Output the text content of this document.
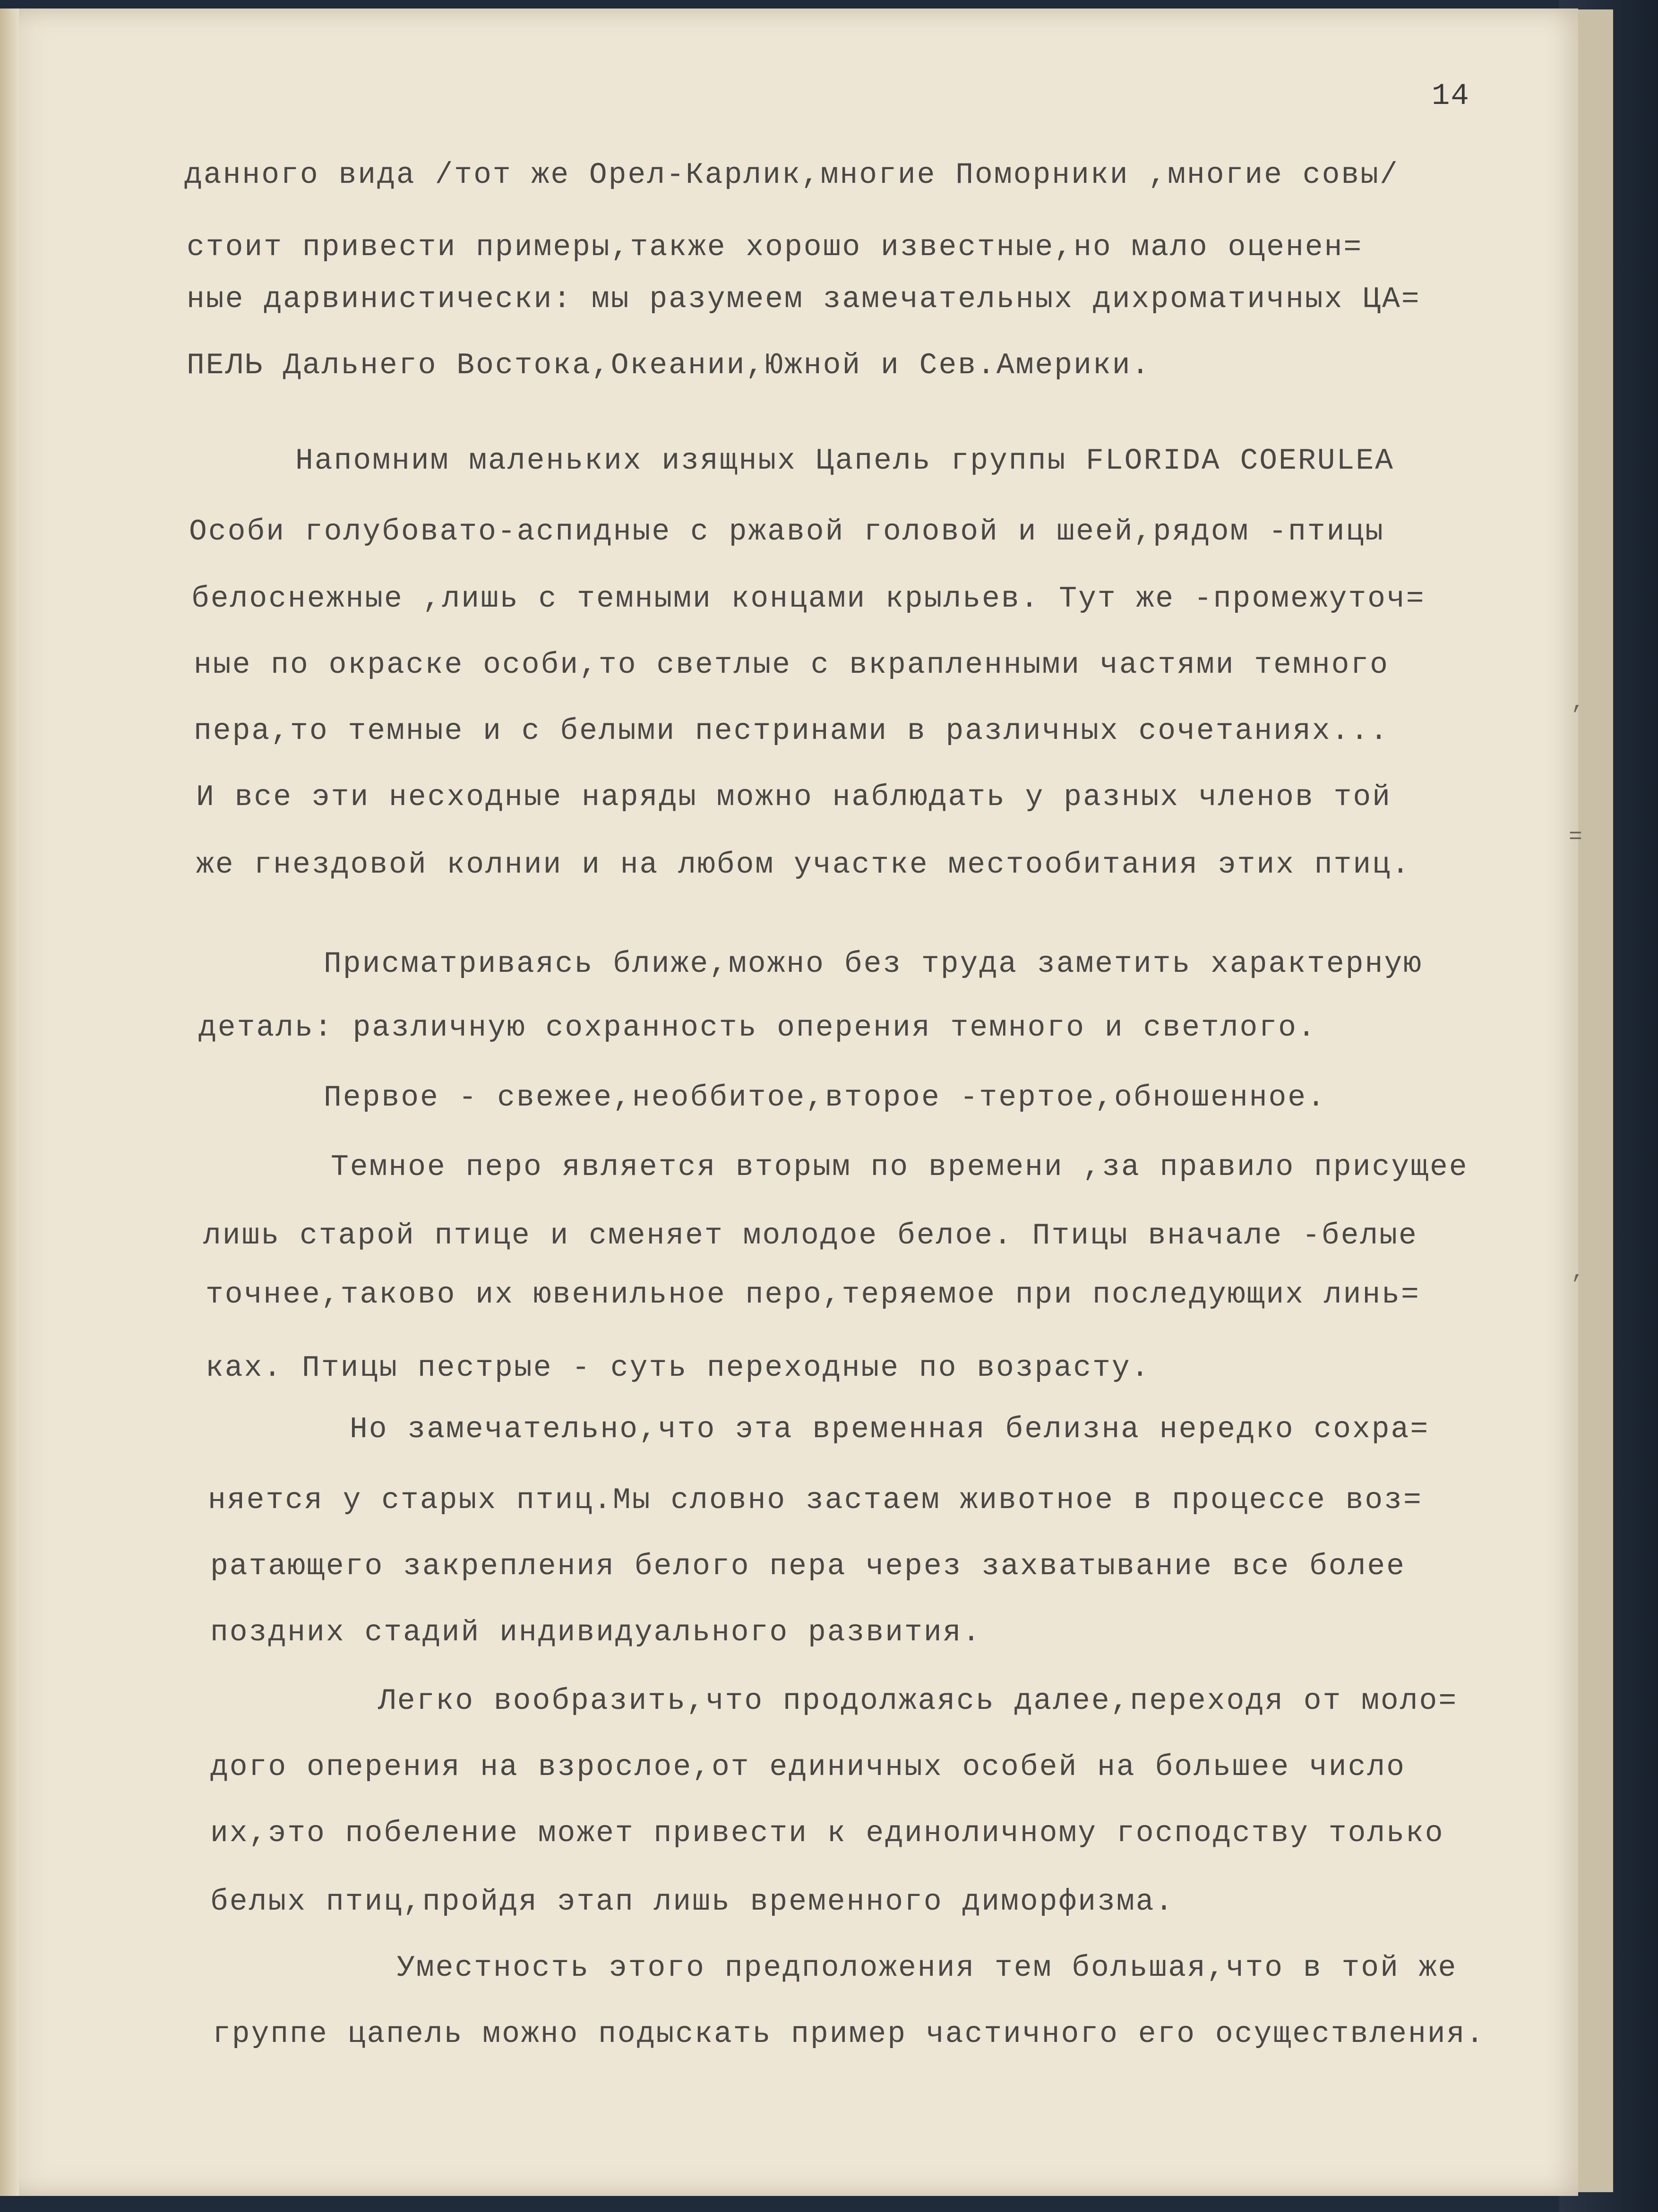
14
данного вида /тот же Орел-Карлик,многие Поморники ,многие совы/
стоит привести примеры,также хорошо известные,но мало оценен=
ные дарвинистически: мы разумеем замечательных дихроматичных ЦА=
ПЕЛЬ Дальнего Востока,Океании,Южной и Сев.Америки.
Напомним маленьких изящных Цапель группы FLORIDA COERULEA
Особи голубовато-аспидные с ржавой головой и шеей,рядом -птицы
белоснежные ,лишь с темными концами крыльев. Тут же -промежуточ=
ные по окраске особи,то светлые с вкрапленными частями темного
пера,то темные и с белыми пестринами в различных сочетаниях...
И все эти несходные наряды можно наблюдать у разных членов той
же гнездовой колнии и на любом участке местообитания этих птиц.
Присматриваясь ближе,можно без труда заметить характерную
деталь: различную сохранность оперения темного и светлого.
Первое - свежее,необбитое,второе -тертое,обношенное.
Темное перо является вторым по времени ,за правило присущее
лишь старой птице и сменяет молодое белое. Птицы вначале -белые
точнее,таково их ювенильное перо,теряемое при последующих линь=
ках. Птицы пестрые - суть переходные по возрасту.
Но замечательно,что эта временная белизна нередко сохра=
няется у старых птиц.Мы словно застаем животное в процессе воз=
ратающего закрепления белого пера через захватывание все более
поздних стадий индивидуального развития.
Легко вообразить,что продолжаясь далее,переходя от моло=
дого оперения на взрослое,от единичных особей на большее число
их,это побеление может привести к единоличному господству только
белых птиц,пройдя этап лишь временного диморфизма.
Уместность этого предположения тем большая,что в той же
группе цапель можно подыскать пример частичного его осуществления.
,
=
,
